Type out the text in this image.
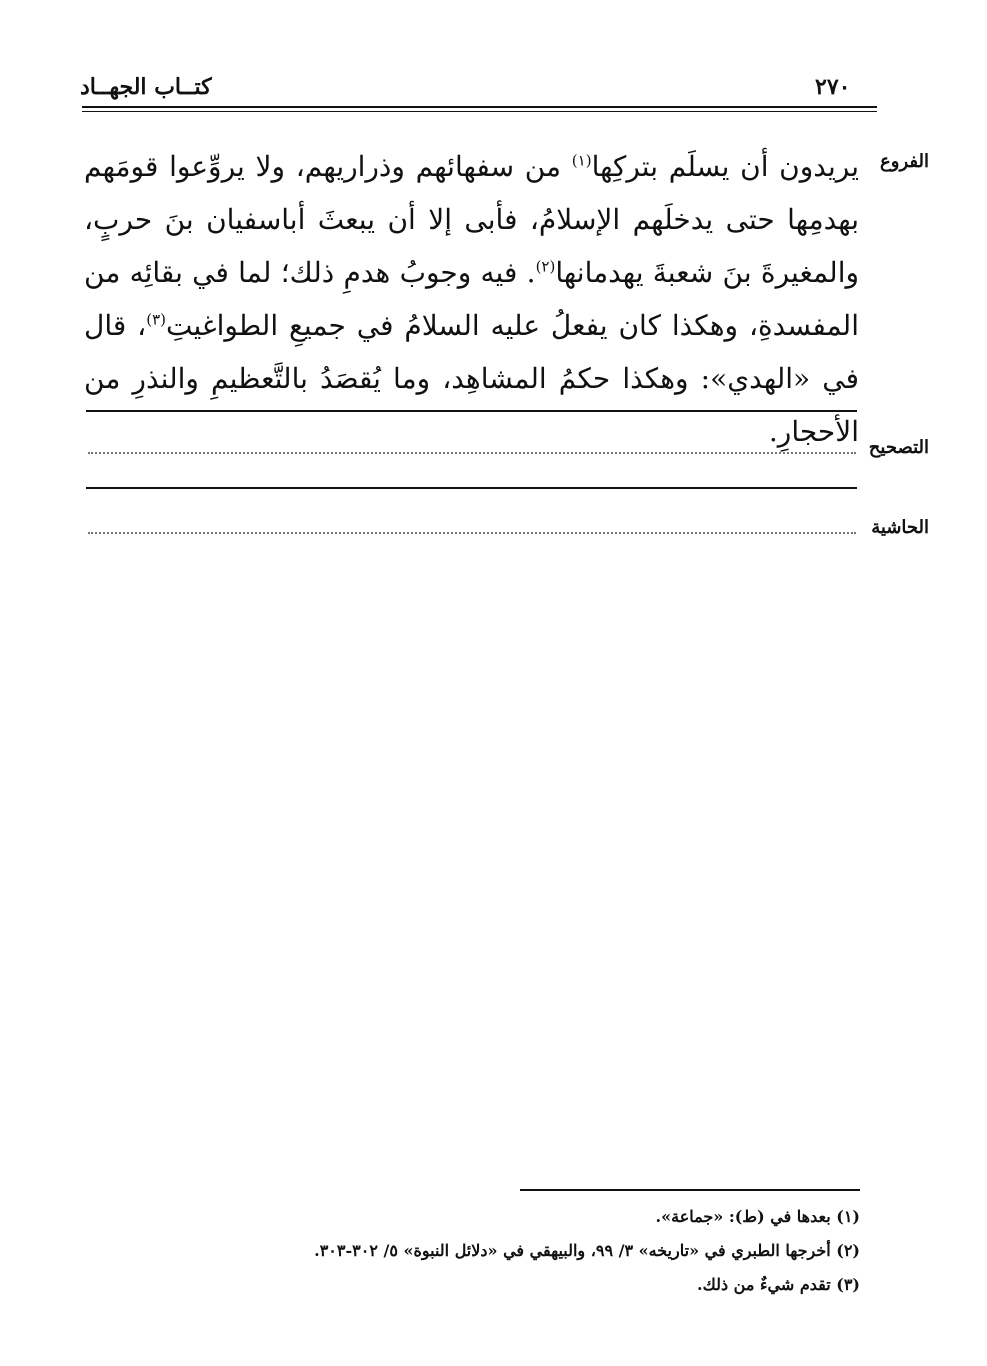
٢٧٠
كتــاب الجهــاد
الفروع
التصحيح
الحاشية
يريدون أن يسلَم بتركِها$^{(١)}$ من سفهائهم وذراريهم، ولا يروِّعوا قومَهم بهدمِها حتى يدخلَهم الإسلامُ، فأبى إلا أن يبعثَ أباسفيان بنَ حربٍ، والمغيرةَ بنَ شعبةَ يهدمانها$^{(٢)}$. فيه وجوبُ هدمِ ذلك؛ لما في بقائِه من المفسدةِ، وهكذا كان يفعلُ عليه السلامُ في جميعِ الطواغيتِ$^{(٣)}$، قال في «الهدي»: وهكذا حكمُ المشاهِد، وما يُقصَدُ بالتَّعظيمِ والنذرِ من الأحجارِ.
(١) بعدها في (ط): «جماعة».
(٢) أخرجها الطبري في «تاريخه» ٣/ ٩٩، والبيهقي في «دلائل النبوة» ٥/ ٣٠٢-٣٠٣.
(٣) تقدم شيءٌ من ذلك.
